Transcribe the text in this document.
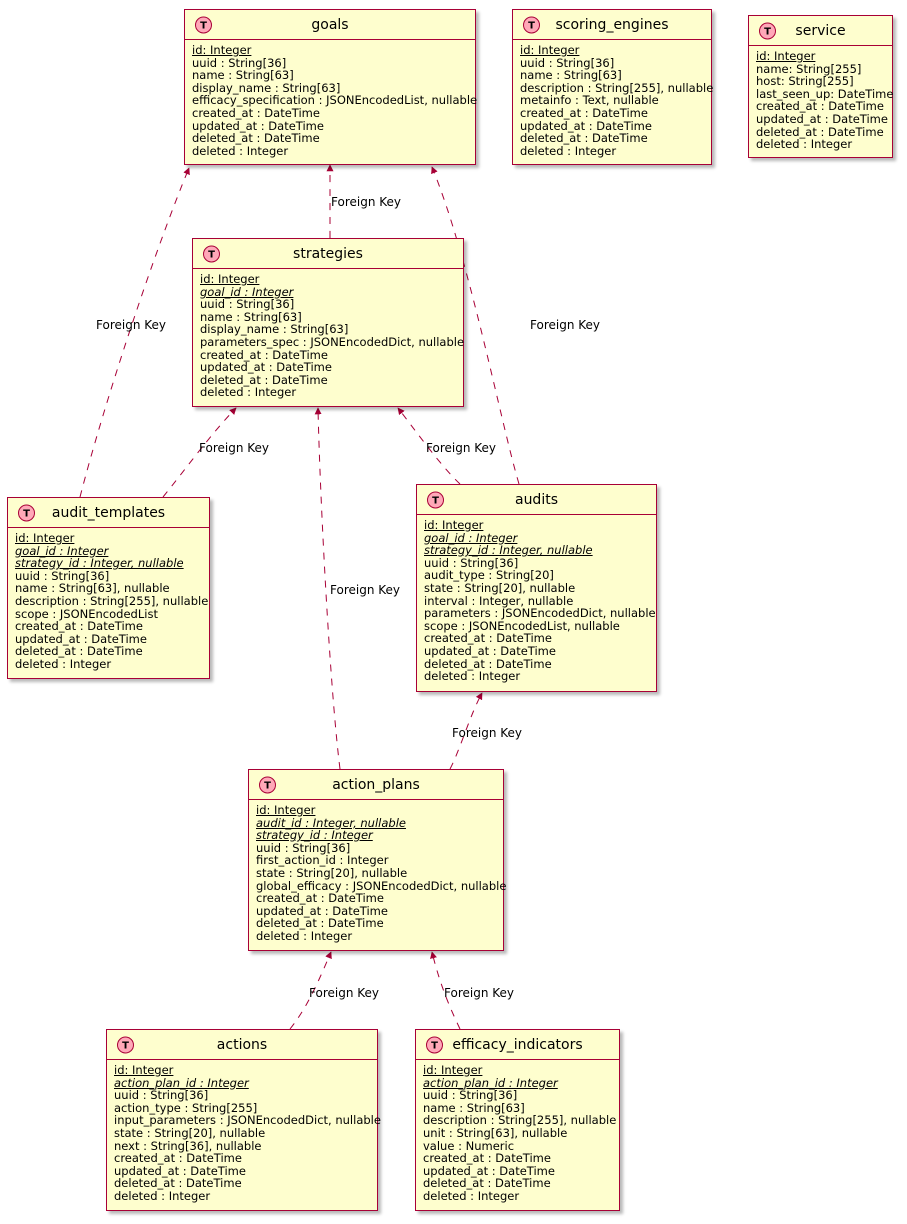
T	goals
id: Integer
uuid : String[36]
name : String[63]
display_name : String[63]
efficacy_specification : JSONEncodedList, nullable
created_at : DateTime
updated_at : DateTime
deleted_at : DateTime
deleted : Integer
T	scoring_engines
id: Integer
uuid : String[36]
name : String[63]
description : String[255], nullable
metainfo : Text, nullable
created_at : DateTime
updated_at : DateTime
deleted_at : DateTime
deleted : Integer
T	service
id: Integer
name: String[255]
host: String[255]
last_seen_up: DateTime
created_at : DateTime
updated_at : DateTime
deleted_at : DateTime
deleted : Integer
T	strategies
id: Integer
goal_id : Integer
uuid : String[36]
name : String[63]
display_name : String[63]
parameters_spec : JSONEncodedDict, nullable
created_at : DateTime
updated_at : DateTime
deleted_at : DateTime
deleted : Integer
T	audit_templates
id: Integer
goal_id : Integer
strategy_id : Integer, nullable
uuid : String[36]
name : String[63], nullable
description : String[255], nullable
scope : JSONEncodedList
created_at : DateTime
updated_at : DateTime
deleted_at : DateTime
deleted : Integer
T	audits
id: Integer
goal_id : Integer
strategy_id : Integer, nullable
uuid : String[36]
audit_type : String[20]
state : String[20], nullable
interval : Integer, nullable
parameters : JSONEncodedDict, nullable
scope : JSONEncodedList, nullable
created_at : DateTime
updated_at : DateTime
deleted_at : DateTime
deleted : Integer
T	action_plans
id: Integer
audit_id : Integer, nullable
strategy_id : Integer
uuid : String[36]
first_action_id : Integer
state : String[20], nullable
global_efficacy : JSONEncodedDict, nullable
created_at : DateTime
updated_at : DateTime
deleted_at : DateTime
deleted : Integer
T	actions
id: Integer
action_plan_id : Integer
uuid : String[36]
action_type : String[255]
input_parameters : JSONEncodedDict, nullable
state : String[20], nullable
next : String[36], nullable
created_at : DateTime
updated_at : DateTime
deleted_at : DateTime
deleted : Integer
T	efficacy_indicators
id: Integer
action_plan_id : Integer
uuid : String[36]
name : String[63]
description : String[255], nullable
unit : String[63], nullable
value : Numeric
created_at : DateTime
updated_at : DateTime
deleted_at : DateTime
deleted : Integer
Foreign Key
Foreign Key
Foreign Key
Foreign Key	Foreign Key
Foreign Key
Foreign Key
Foreign Key	Foreign Key
